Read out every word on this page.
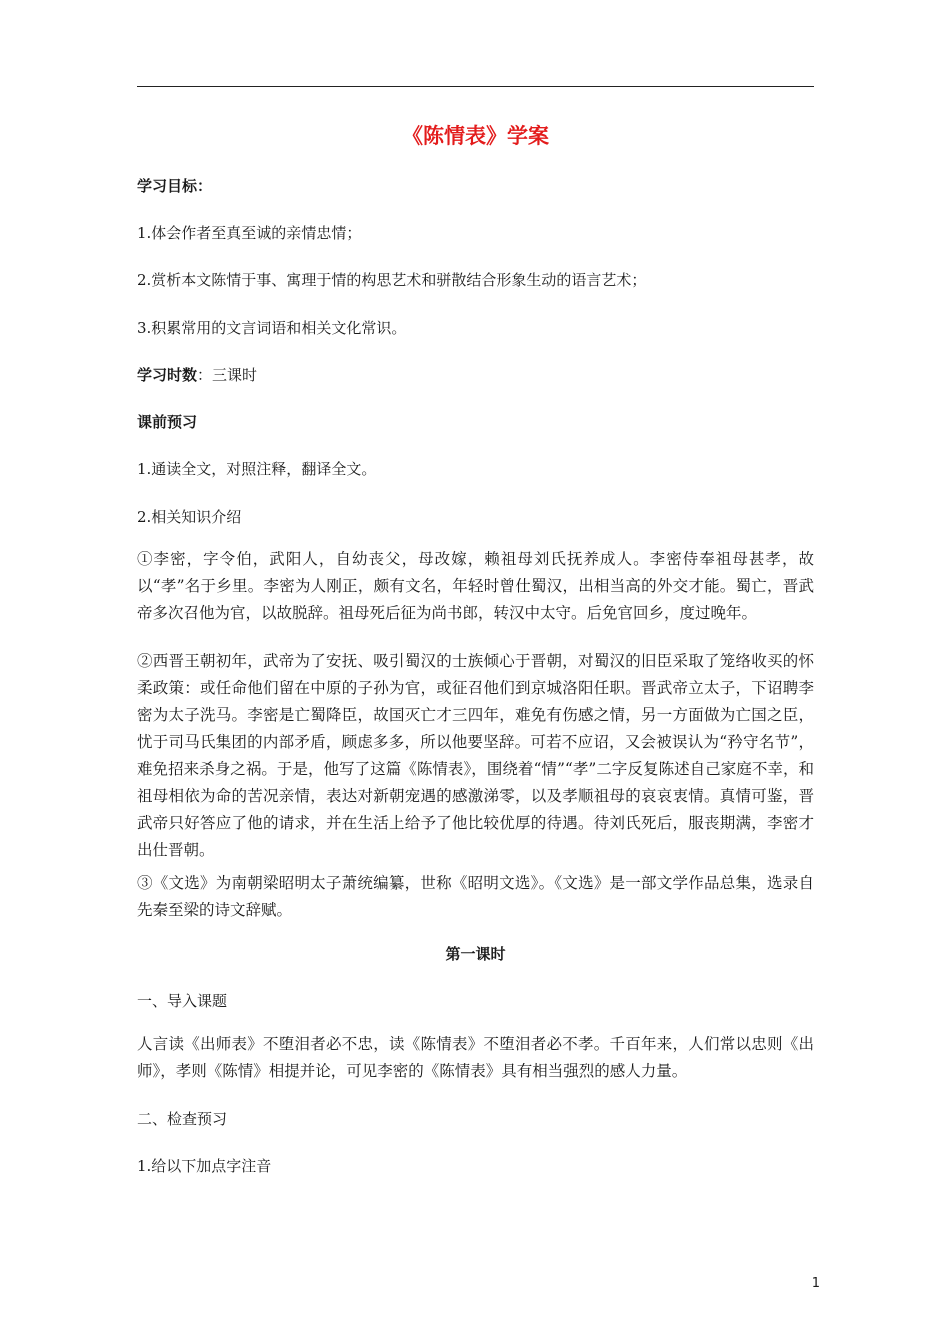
《陈情表》学案
学习目标：
1.体会作者至真至诚的亲情忠情；
2.赏析本文陈情于事、寓理于情的构思艺术和骈散结合形象生动的语言艺术；
3.积累常用的文言词语和相关文化常识。
学习时数：三课时
课前预习
1.通读全文，对照注释，翻译全文。
2.相关知识介绍
①李密，字令伯，武阳人，自幼丧父，母改嫁，赖祖母刘氏抚养成人。李密侍奉祖母甚孝，故以“孝”名于乡里。李密为人刚正，颇有文名，年轻时曾仕蜀汉，出相当高的外交才能。蜀亡，晋武帝多次召他为官，以故脱辞。祖母死后征为尚书郎，转汉中太守。后免官回乡，度过晚年。
②西晋王朝初年，武帝为了安抚、吸引蜀汉的士族倾心于晋朝，对蜀汉的旧臣采取了笼络收买的怀柔政策：或任命他们留在中原的子孙为官，或征召他们到京城洛阳任职。晋武帝立太子，下诏聘李密为太子洗马。李密是亡蜀降臣，故国灭亡才三四年，难免有伤感之情，另一方面做为亡国之臣，忧于司马氏集团的内部矛盾，顾虑多多，所以他要坚辞。可若不应诏，又会被误认为“矜守名节”，难免招来杀身之祸。于是，他写了这篇《陈情表》，围绕着“情”“孝”二字反复陈述自己家庭不幸，和祖母相依为命的苦况亲情，表达对新朝宠遇的感激涕零，以及孝顺祖母的哀哀衷情。真情可鉴，晋武帝只好答应了他的请求，并在生活上给予了他比较优厚的待遇。待刘氏死后，服丧期满，李密才出仕晋朝。
③《文选》为南朝梁昭明太子萧统编纂，世称《昭明文选》。《文选》是一部文学作品总集，选录自先秦至梁的诗文辞赋。
第一课时
一、导入课题
人言读《出师表》不堕泪者必不忠，读《陈情表》不堕泪者必不孝。千百年来，人们常以忠则《出师》，孝则《陈情》相提并论，可见李密的《陈情表》具有相当强烈的感人力量。
二、检查预习
1.给以下加点字注音
1
